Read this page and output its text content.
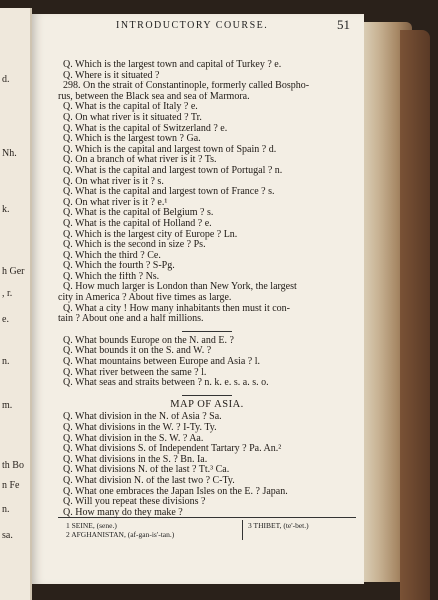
d.
Nh.
k.
h Ger
, r.
e.
n.
m.
th Bo
n Fe
n.
sa.
INTRODUCTORY COURSE.	51
Q. Which is the largest town and capital of Turkey ? e.
Q. Where is it situated ?
298. On the strait of Constantinople, formerly called Bospho-
rus, between the Black sea and sea of Marmora.
Q. What is the capital of Italy ? e.
Q. On what river is it situated ? Tr.
Q. What is the capital of Switzerland ? e.
Q. Which is the largest town ? Ga.
Q. Which is the capital and largest town of Spain ? d.
Q. On a branch of what river is it ? Ts.
Q. What is the capital and largest town of Portugal ? n.
Q. On what river is it ? s.
Q. What is the capital and largest town of France ? s.
Q. On what river is it ? e.¹
Q. What is the capital of Belgium ? s.
Q. What is the capital of Holland ? e.
Q. Which is the largest city of Europe ? Ln.
Q. Which is the second in size ? Ps.
Q. Which the third ? Ce.
Q. Which the fourth ? S-Pg.
Q. Which the fifth ? Ns.
Q. How much larger is London than New York, the largest
city in America ? About five times as large.
Q. What a city ! How many inhabitants then must it con-
tain ? About one and a half millions.
Q. What bounds Europe on the N. and E. ?
Q. What bounds it on the S. and W. ?
Q. What mountains between Europe and Asia ? l.
Q. What river between the same ? l.
Q. What seas and straits between ? n. k. e. s. a. s. o.
MAP OF ASIA.
Q. What division in the N. of Asia ? Sa.
Q. What divisions in the W. ? I-Ty. Ty.
Q. What division in the S. W. ? Aa.
Q. What divisions S. of Independent Tartary ? Pa. An.²
Q. What divisions in the S. ? Bn. Ia.
Q. What divisions N. of the last ? Tt.³ Ca.
Q. What division N. of the last two ? C-Ty.
Q. What one embraces the Japan Isles on the E. ? Japan.
Q. Will you repeat these divisions ?
Q. How many do they make ?
1 SEINE, (sene.)
2 AFGHANISTAN, (af-gan-is'-tan.)
3 THIBET, (te'-bet.)
